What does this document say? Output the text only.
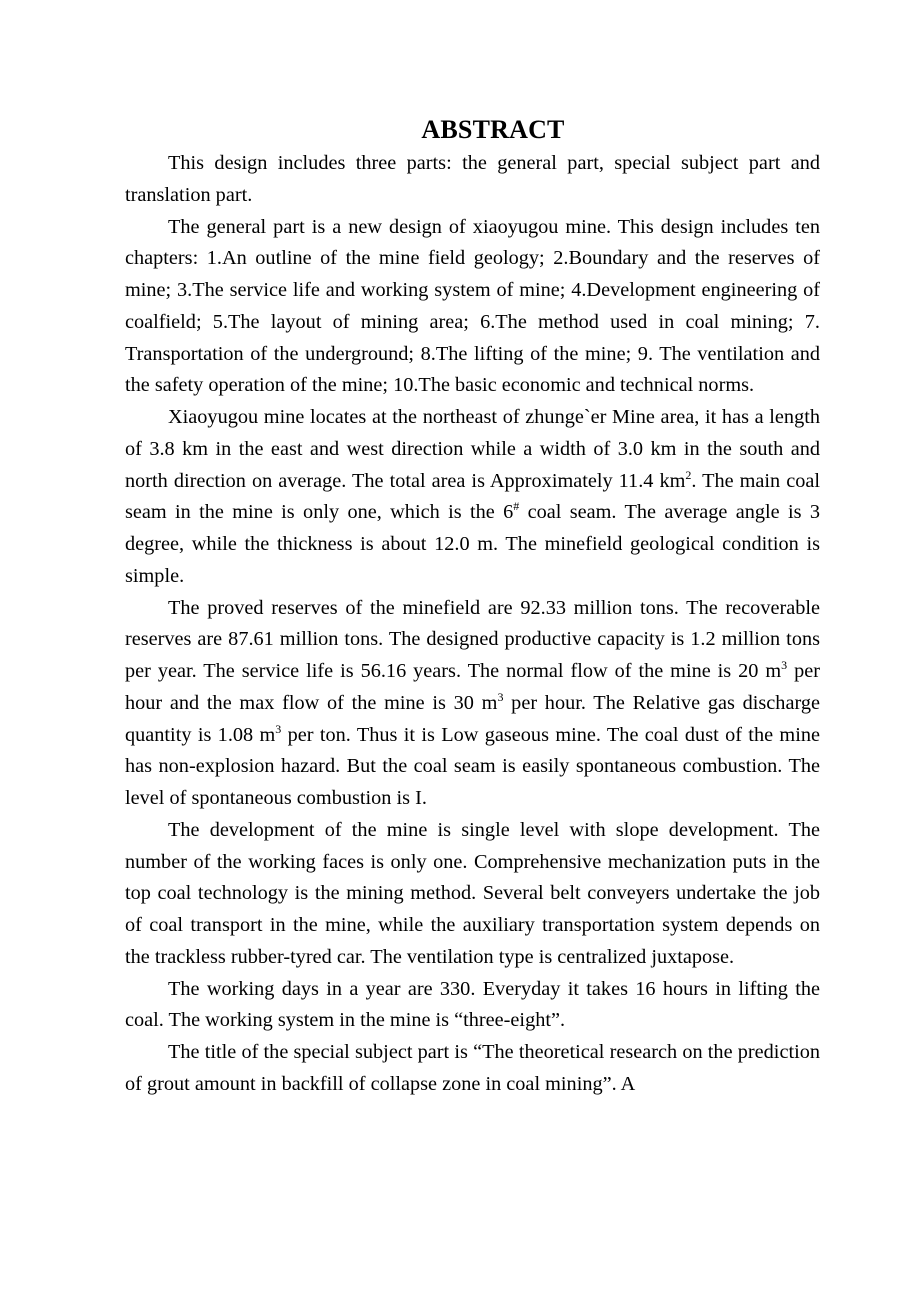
ABSTRACT

This design includes three parts: the general part, special subject part and translation part.

The general part is a new design of xiaoyugou mine. This design includes ten chapters: 1.An outline of the mine field geology; 2.Boundary and the reserves of mine; 3.The service life and working system of mine; 4.Development engineering of coalfield; 5.The layout of mining area; 6.The method used in coal mining; 7. Transportation of the underground; 8.The lifting of the mine; 9. The ventilation and the safety operation of the mine; 10.The basic economic and technical norms.

Xiaoyugou mine locates at the northeast of zhunge`er Mine area, it has a length of 3.8 km in the east and west direction while a width of 3.0 km in the south and north direction on average. The total area is Approximately 11.4 $km^2$. The main coal seam in the mine is only one, which is the 6# coal seam. The average angle is 3 degree, while the thickness is about 12.0 m. The minefield geological condition is simple.

The proved reserves of the minefield are 92.33 million tons. The recoverable reserves are 87.61 million tons. The designed productive capacity is 1.2 million tons per year. The service life is 56.16 years. The normal flow of the mine is 20 $m^3$ per hour and the max flow of the mine is 30 $m^3$ per hour. The Relative gas discharge quantity is 1.08 $m^3$ per ton. Thus it is Low gaseous mine. The coal dust of the mine has non-explosion hazard. But the coal seam is easily spontaneous combustion. The level of spontaneous combustion is I.

The development of the mine is single level with slope development. The number of the working faces is only one. Comprehensive mechanization puts in the top coal technology is the mining method. Several belt conveyers undertake the job of coal transport in the mine, while the auxiliary transportation system depends on the trackless rubber-tyred car. The ventilation type is centralized juxtapose.

The working days in a year are 330. Everyday it takes 16 hours in lifting the coal. The working system in the mine is “three-eight”.

The title of the special subject part is “The theoretical research on the prediction of grout amount in backfill of collapse zone in coal mining”. A
